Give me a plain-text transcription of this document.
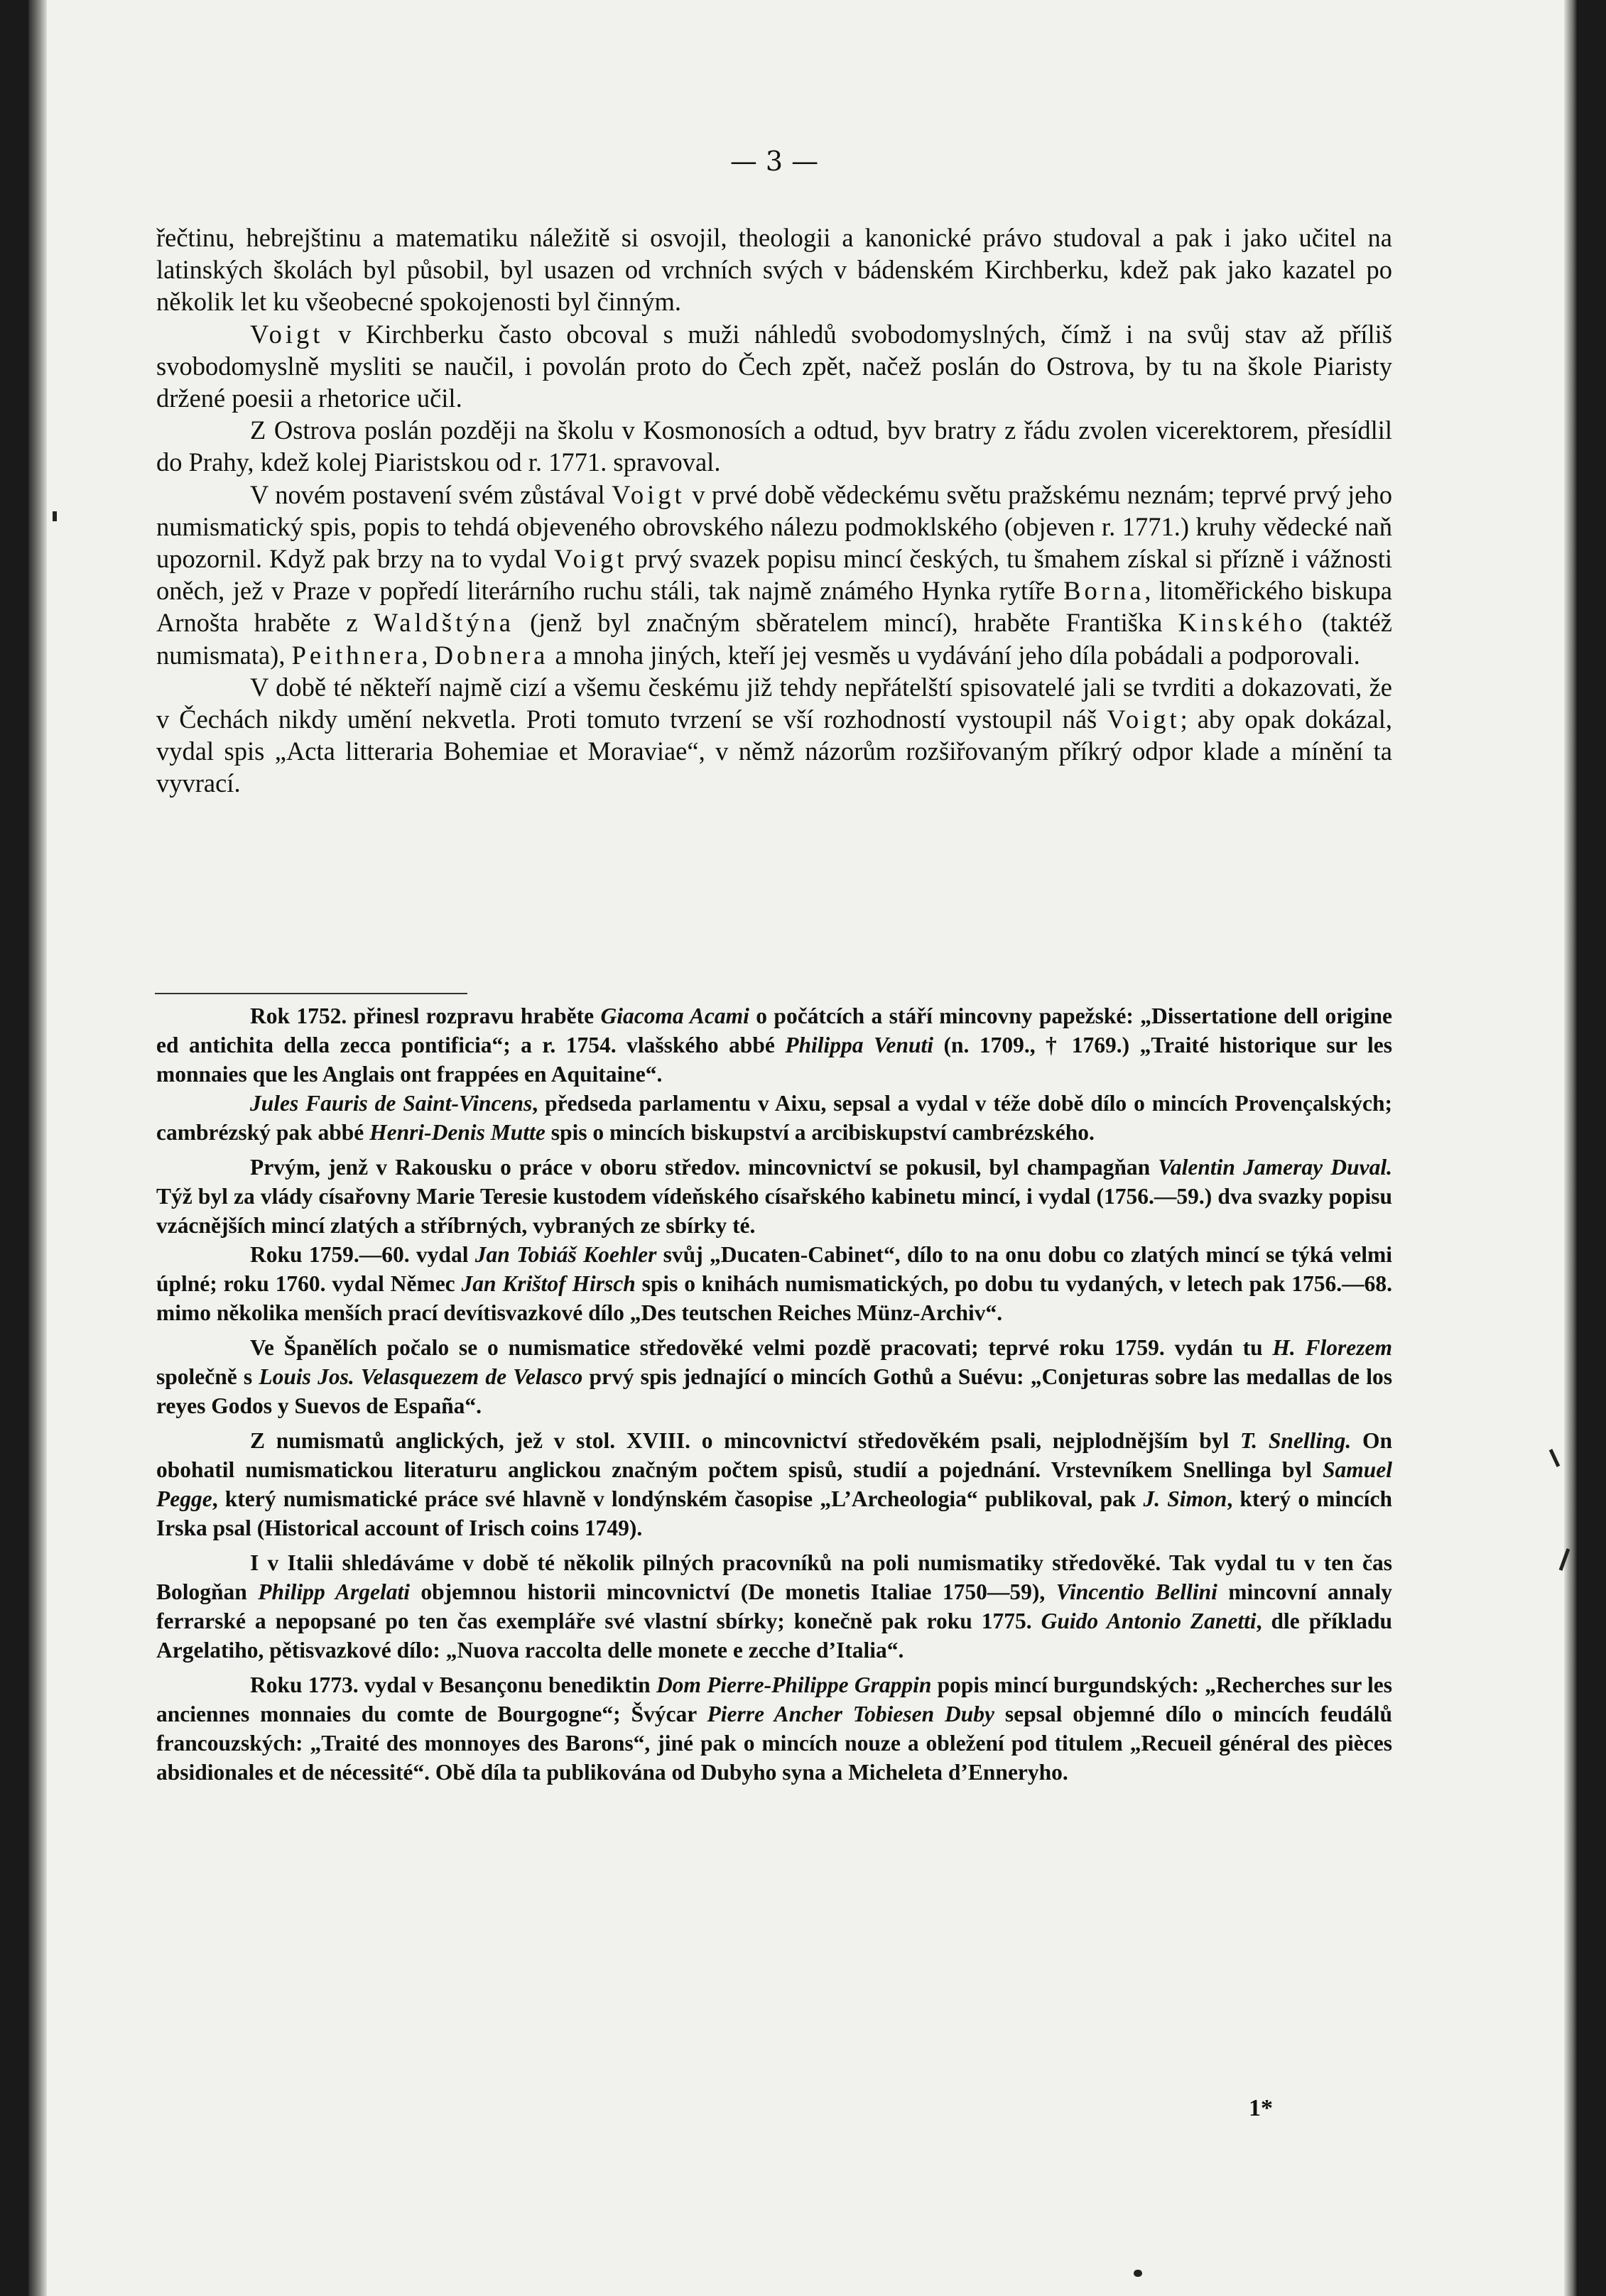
— 3 —

řečtinu, hebrejštinu a matematiku náležitě si osvojil, theologii a kanonické právo studoval a pak i jako učitel na latinských školách byl působil, byl usazen od vrchních svých v bádenském Kirchberku, kdež pak jako kazatel po několik let ku všeobecné spokojenosti byl činným.

Voigt v Kirchberku často obcoval s muži náhledů svobodomyslných, čímž i na svůj stav až příliš svobodomyslně mysliti se naučil, i povolán proto do Čech zpět, načež poslán do Ostrova, by tu na škole Piaristy držené poesii a rhetorice učil.

Z Ostrova poslán později na školu v Kosmonosích a odtud, byv bratry z řádu zvolen vicerektorem, přesídlil do Prahy, kdež kolej Piaristskou od r. 1771. spravoval.

V novém postavení svém zůstával Voigt v prvé době vědeckému světu pražskému neznám; teprvé prvý jeho numismatický spis, popis to tehdá objeveného obrovského nálezu podmoklského (objeven r. 1771.) kruhy vědecké naň upozornil. Když pak brzy na to vydal Voigt prvý svazek popisu mincí českých, tu šmahem získal si přízně i vážnosti oněch, jež v Praze v popředí literárního ruchu stáli, tak najmě známého Hynka rytíře Borna, litoměřického biskupa Arnošta hraběte z Waldštýna (jenž byl značným sběratelem mincí), hraběte Františka Kinského (taktéž numismata), Peithnera, Dobnera a mnoha jiných, kteří jej vesměs u vydávání jeho díla pobádali a podporovali.

V době té někteří najmě cizí a všemu českému již tehdy nepřátelští spisovatelé jali se tvrditi a dokazovati, že v Čechách nikdy umění nekvetla. Proti tomuto tvrzení se vší rozhodností vystoupil náš Voigt; aby opak dokázal, vydal spis „Acta litteraria Bohemiae et Moraviae“, v němž názorům rozšiřovaným příkrý odpor klade a mínění ta vyvrací.

Rok 1752. přinesl rozpravu hraběte Giacoma Acami o počátcích a stáří mincovny papežské: „Dissertatione dell origine ed antichita della zecca pontificia“; a r. 1754. vlašského abbé Philippa Venuti (n. 1709., † 1769.) „Traité historique sur les monnaies que les Anglais ont frappées en Aquitaine“.

Jules Fauris de Saint-Vincens, předseda parlamentu v Aixu, sepsal a vydal v téže době dílo o mincích Provençalských; cambrézský pak abbé Henri-Denis Mutte spis o mincích biskupství a arcibiskupství cambrézského.

Prvým, jenž v Rakousku o práce v oboru středov. mincovnictví se pokusil, byl champagňan Valentin Jameray Duval. Týž byl za vlády císařovny Marie Teresie kustodem vídeňského císařského kabinetu mincí, i vydal (1756.—59.) dva svazky popisu vzácnějších mincí zlatých a stříbrných, vybraných ze sbírky té.

Roku 1759.—60. vydal Jan Tobiáš Koehler svůj „Ducaten-Cabinet“, dílo to na onu dobu co zlatých mincí se týká velmi úplné; roku 1760. vydal Němec Jan Krištof Hirsch spis o knihách numismatických, po dobu tu vydaných, v letech pak 1756.—68. mimo několika menších prací devítisvazkové dílo „Des teutschen Reiches Münz-Archiv“.

Ve Španělích počalo se o numismatice středověké velmi pozdě pracovati; teprvé roku 1759. vydán tu H. Florezem společně s Louis Jos. Velasquezem de Velasco prvý spis jednající o mincích Gothů a Suévu: „Conjeturas sobre las medallas de los reyes Godos y Suevos de España“.

Z numismatů anglických, jež v stol. XVIII. o mincovnictví středověkém psali, nejplodnějším byl T. Snelling. On obohatil numismatickou literaturu anglickou značným počtem spisů, studií a pojednání. Vrstevníkem Snellinga byl Samuel Pegge, který numismatické práce své hlavně v londýnském časopise „L’Archeologia“ publikoval, pak J. Simon, který o mincích Irska psal (Historical account of Irisch coins 1749).

I v Italii shledáváme v době té několik pilných pracovníků na poli numismatiky středověké. Tak vydal tu v ten čas Bologňan Philipp Argelati objemnou historii mincovnictví (De monetis Italiae 1750—59), Vincentio Bellini mincovní annaly ferrarské a nepopsané po ten čas exempláře své vlastní sbírky; konečně pak roku 1775. Guido Antonio Zanetti, dle příkladu Argelatiho, pětisvazkové dílo: „Nuova raccolta delle monete e zecche d’Italia“.

Roku 1773. vydal v Besançonu benediktin Dom Pierre-Philippe Grappin popis mincí burgundských: „Recherches sur les anciennes monnaies du comte de Bourgogne“; Švýcar Pierre Ancher Tobiesen Duby sepsal objemné dílo o mincích feudálů francouzských: „Traité des monnoyes des Barons“, jiné pak o mincích nouze a obležení pod titulem „Recueil général des pièces absidionales et de nécessité“. Obě díla ta publikována od Dubyho syna a Micheleta d’Enneryho.

1*
